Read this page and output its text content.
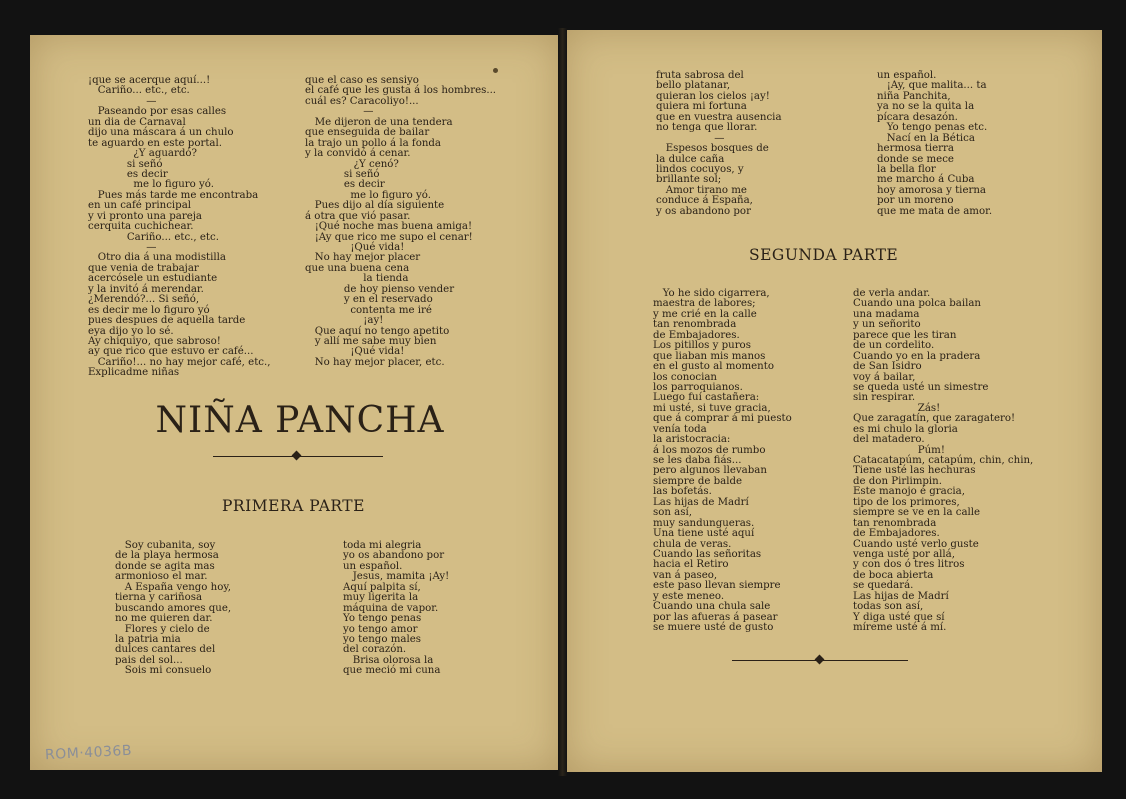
¡que se acerque aquí...!
Cariño... etc., etc.
—
Paseando por esas calles
un dia de Carnaval
dijo una máscara á un chulo
te aguardo en este portal.
¿Y aguardó?
si señó
es decir
me lo figuro yó.
Pues más tarde me encontraba
en un café principal
y vi pronto una pareja
cerquita cuchichear.
Cariño... etc., etc.
—
Otro dia á una modistilla
que venia de trabajar
acercósele un estudiante
y la invitó á merendar.
¿Merendó?... Si señó,
es decir me lo figuro yó
pues despues de aquella tarde
eya dijo yo lo sé.
Ay chiquiyo, que sabroso!
ay que rico que estuvo er café...
Cariño!... no hay mejor café, etc.,
Explicadme niñas
que el caso es sensiyo
el café que les gusta á los hombres...
cuál es? Caracoliyo!...
—
Me dijeron de una tendera
que enseguida de bailar
la trajo un pollo á la fonda
y la convidó á cenar.
¿Y cenó?
si señó
es decir
me lo figuro yó.
Pues dijo al día siguiente
á otra que vió pasar.
¡Qué noche mas buena amiga!
¡Ay que rico me supo el cenar!
¡Qué vida!
No hay mejor placer
que una buena cena
la tienda
de hoy pienso vender
y en el reservado
contenta me iré
¡ay!
Que aquí no tengo apetito
y allí me sabe muy bien
¡Qué vida!
No hay mejor placer, etc.
NIÑA PANCHA
PRIMERA PARTE
Soy cubanita, soy
de la playa hermosa
donde se agita mas
armonioso el mar.
A España vengo hoy,
tierna y cariñosa
buscando amores que,
no me quieren dar.
Flores y cielo de
la patria mia
dulces cantares del
pais del sol...
Sois mi consuelo
toda mi alegria
yo os abandono por
un español.
Jesus, mamita ¡Ay!
Aquí palpita sí,
muy ligerita la
máquina de vapor.
Yo tengo penas
yo tengo amor
yo tengo males
del corazón.
Brisa olorosa la
que meció mi cuna
fruta sabrosa del
bello platanar,
quieran los cielos ¡ay!
quiera mi fortuna
que en vuestra ausencia
no tenga que llorar.
—
Espesos bosques de
la dulce caña
lindos cocuyos, y
brillante sol;
Amor tirano me
conduce á España,
y os abandono por
un español.
¡Ay, que malita... ta
niña Panchita,
ya no se la quita la
pícara desazón.
Yo tengo penas etc.
Nací en la Bética
hermosa tierra
donde se mece
la bella flor
me marcho á Cuba
hoy amorosa y tierna
por un moreno
que me mata de amor.
SEGUNDA PARTE
Yo he sido cigarrera,
maestra de labores;
y me crié en la calle
tan renombrada
de Embajadores.
Los pitillos y puros
que liaban mis manos
en el gusto al momento
los conocian
los parroquianos.
Luego fuí castañera:
mi usté, si tuve gracia,
que á comprar á mi puesto
venía toda
la aristocracia:
á los mozos de rumbo
se les daba fiás...
pero algunos llevaban
siempre de balde
las bofetás.
Las hijas de Madrí
son así,
muy sandungueras.
Una tiene usté aquí
chula de veras.
Cuando las señoritas
hacia el Retiro
van á paseo,
este paso llevan siempre
y este meneo.
Cuando una chula sale
por las afueras á pasear
se muere usté de gusto
de verla andar.
Cuando una polca bailan
una madama
y un señorito
parece que les tiran
de un cordelito.
Cuando yo en la pradera
de San Isidro
voy á bailar,
se queda usté un simestre
sin respirar.
Zás!
Que zaragatín, que zaragatero!
es mi chulo la gloria
del matadero.
Púm!
Catacatapúm, catapúm, chin, chin,
Tiene usté las hechuras
de don Pirlimpin.
Este manojo é gracia,
tipo de los primores,
siempre se ve en la calle
tan renombrada
de Embajadores.
Cuando usté verlo guste
venga usté por allá,
y con dos ó tres litros
de boca abierta
se quedará.
Las hijas de Madrí
todas son así,
Y diga usté que sí
míreme usté á mí.
ROM·4036B
